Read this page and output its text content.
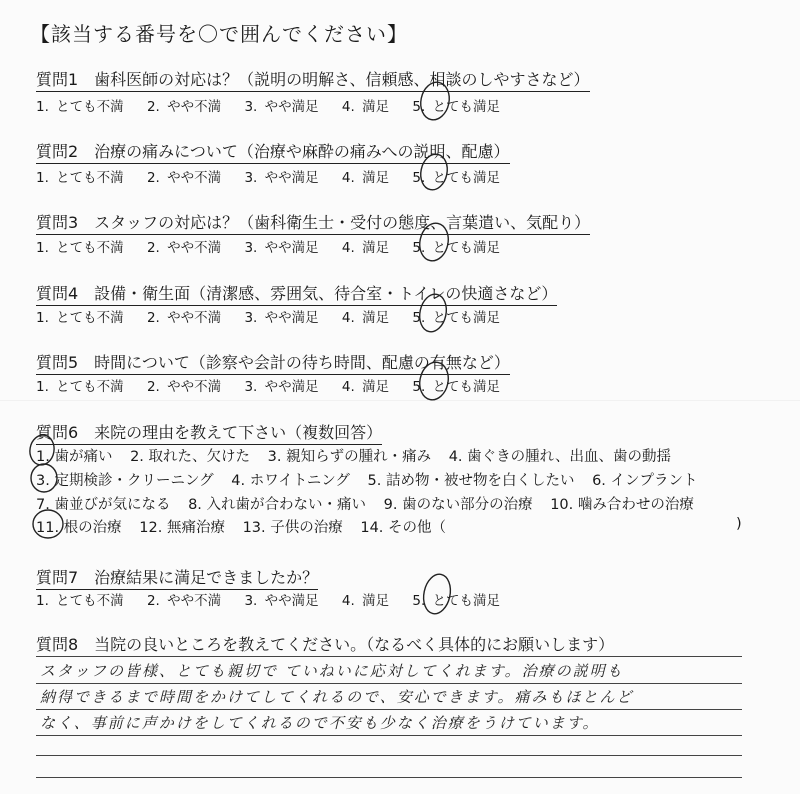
【該当する番号を〇で囲んでください】
質問1　歯科医師の対応は？（説明の明解さ、信頼感、相談のしやすさなど）
1. とても不満 2. やや不満 3. やや満足 4. 満足 5. とても満足
質問2　治療の痛みについて（治療や麻酔の痛みへの説明、配慮）
1. とても不満 2. やや不満 3. やや満足 4. 満足 5. とても満足
質問3　スタッフの対応は？（歯科衛生士・受付の態度、言葉遣い、気配り）
1. とても不満 2. やや不満 3. やや満足 4. 満足 5. とても満足
質問4　設備・衛生面（清潔感、雰囲気、待合室・トイレの快適さなど）
1. とても不満 2. やや不満 3. やや満足 4. 満足 5. とても満足
質問5　時間について（診察や会計の待ち時間、配慮の有無など）
1. とても不満 2. やや不満 3. やや満足 4. 満足 5. とても満足
質問6　来院の理由を教えて下さい（複数回答）
1. 歯が痛い 2. 取れた、欠けた 3. 親知らずの腫れ・痛み 4. 歯ぐきの腫れ、出血、歯の動揺
3. 定期検診・クリーニング 4. ホワイトニング 5. 詰め物・被せ物を白くしたい 6. インプラント
7. 歯並びが気になる 8. 入れ歯が合わない・痛い 9. 歯のない部分の治療 10. 噛み合わせの治療
11. 根の治療 12. 無痛治療 13. 子供の治療 14. その他（	)
質問7　治療結果に満足できましたか？
1. とても不満 2. やや不満 3. やや満足 4. 満足 5. とても満足
質問8　当院の良いところを教えてください。（なるべく具体的にお願いします）
スタッフの皆様、とても親切で ていねいに応対してくれます。治療の説明も
納得できるまで時間をかけてしてくれるので、安心できます。痛みもほとんど
なく、事前に声かけをしてくれるので不安も少なく治療をうけています。
